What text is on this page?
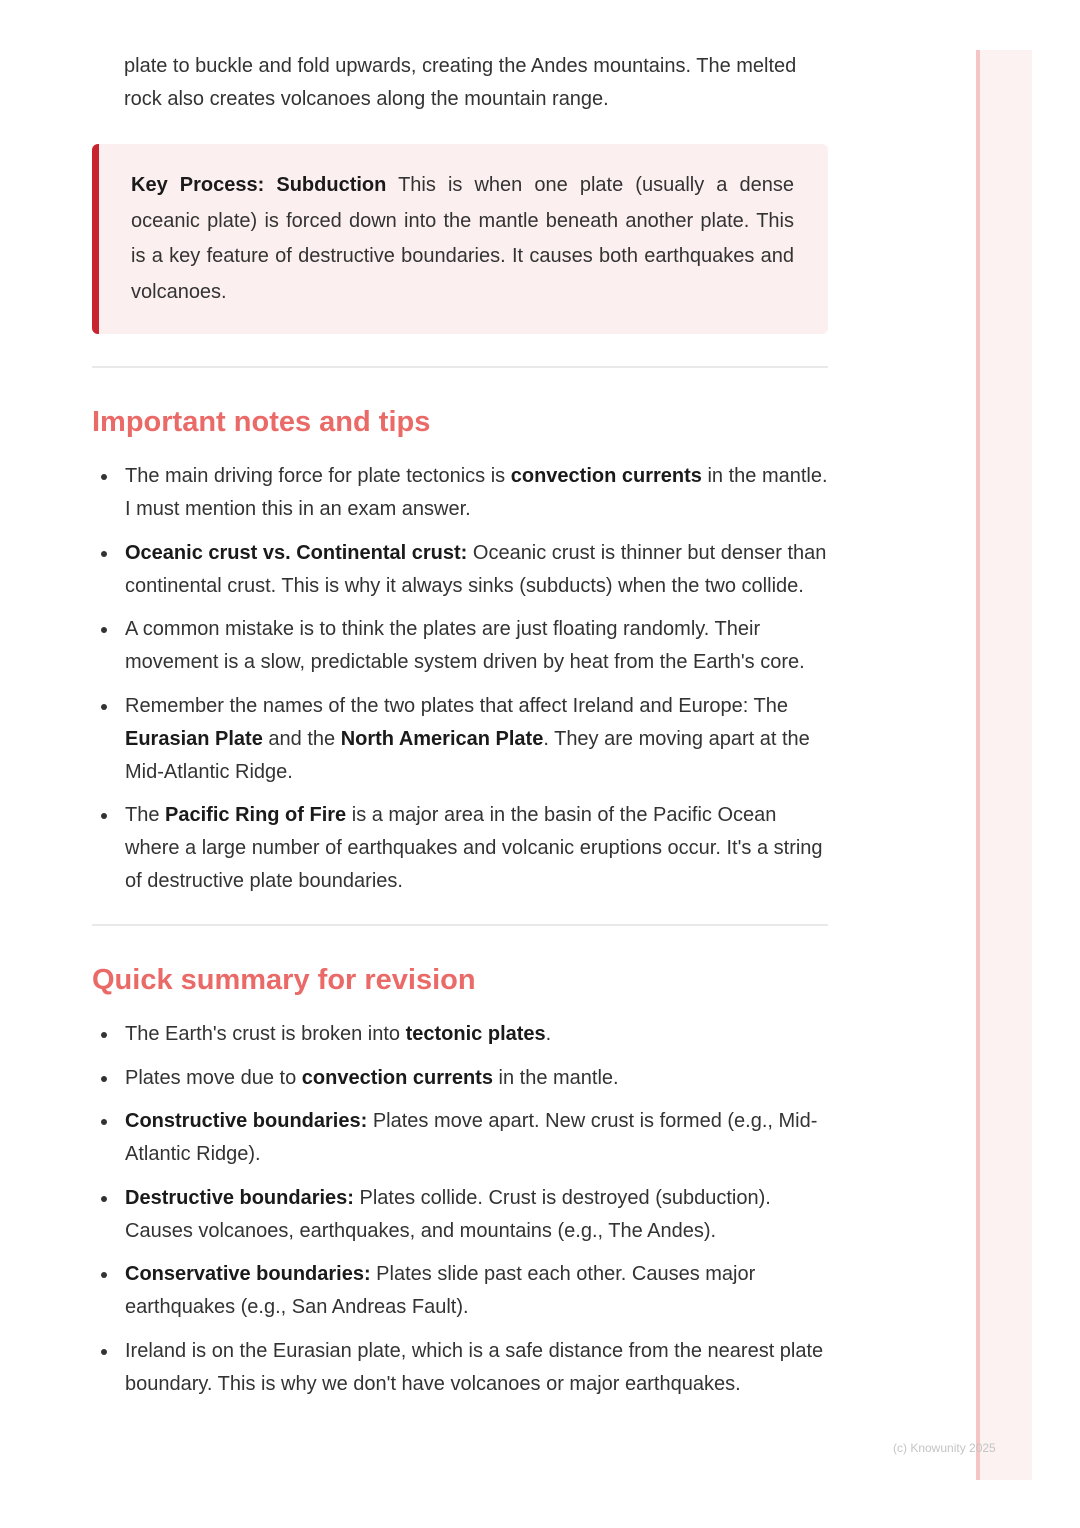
plate to buckle and fold upwards, creating the Andes mountains. The melted rock also creates volcanoes along the mountain range.

Key Process: Subduction This is when one plate (usually a dense oceanic plate) is forced down into the mantle beneath another plate. This is a key feature of destructive boundaries. It causes both earthquakes and volcanoes.
Important notes and tips
The main driving force for plate tectonics is convection currents in the mantle. I must mention this in an exam answer.
Oceanic crust vs. Continental crust: Oceanic crust is thinner but denser than continental crust. This is why it always sinks (subducts) when the two collide.
A common mistake is to think the plates are just floating randomly. Their movement is a slow, predictable system driven by heat from the Earth's core.
Remember the names of the two plates that affect Ireland and Europe: The Eurasian Plate and the North American Plate. They are moving apart at the Mid-Atlantic Ridge.
The Pacific Ring of Fire is a major area in the basin of the Pacific Ocean where a large number of earthquakes and volcanic eruptions occur. It's a string of destructive plate boundaries.
Quick summary for revision
The Earth's crust is broken into tectonic plates.
Plates move due to convection currents in the mantle.
Constructive boundaries: Plates move apart. New crust is formed (e.g., Mid-Atlantic Ridge).
Destructive boundaries: Plates collide. Crust is destroyed (subduction). Causes volcanoes, earthquakes, and mountains (e.g., The Andes).
Conservative boundaries: Plates slide past each other. Causes major earthquakes (e.g., San Andreas Fault).
Ireland is on the Eurasian plate, which is a safe distance from the nearest plate boundary. This is why we don't have volcanoes or major earthquakes.
(c) Knowunity 2025
